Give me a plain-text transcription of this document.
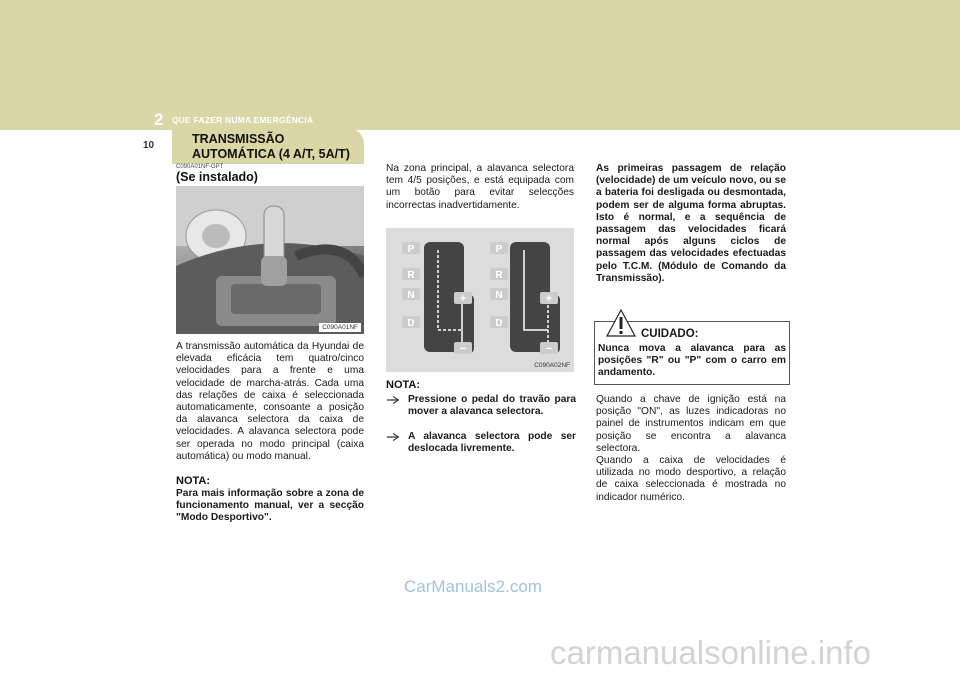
2 QUE FAZER NUMA EMERGÊNCIA
10	TRANSMISSÃO
AUTOMÁTICA (4 A/T, 5A/T)
C090A01NF-GPT
(Se instalado)
C090A01NF
A transmissão automática da Hyundai de elevada eficácia tem quatro/cinco velocidades para a frente e uma velocidade de marcha-atrás. Cada uma das relações de caixa é seleccionada automaticamente, consoante a posição da alavanca selectora da caixa de velocidades. A alavanca selectora pode ser operada no modo principal (caixa automática) ou modo manual.
NOTA:
Para mais informação sobre a zona de funcionamento manual, ver a secção "Modo Desportivo".
Na zona principal, a alavanca selectora tem 4/5 posições, e está equipada com um botão para evitar selecções incorrectas inadvertidamente.
P
R
N
D
+
−
P
R
N
D
+
−
C090A02NF
NOTA:
Pressione o pedal do travão para mover a alavanca selectora.
A alavanca selectora pode ser deslocada livremente.
As primeiras passagem de relação (velocidade) de um veículo novo, ou se a bateria foi desligada ou desmontada, podem ser de alguma forma abruptas. Isto é normal, e a sequência de passagem das velocidades ficará normal após alguns ciclos de passagem das velocidades efectuadas pelo T.C.M. (Módulo de Comando da Transmissão).
CUIDADO:
Nunca mova a alavanca para as posições "R" ou "P" com o carro em andamento.
Quando a chave de ignição está na posição "ON", as luzes indicadoras no painel de instrumentos indicam em que posição se encontra a alavanca selectora.
Quando a caixa de velocidades é utilizada no modo desportivo, a relação de caixa seleccionada é mostrada no indicador numérico.
CarManuals2.com
carmanualsonline.info
